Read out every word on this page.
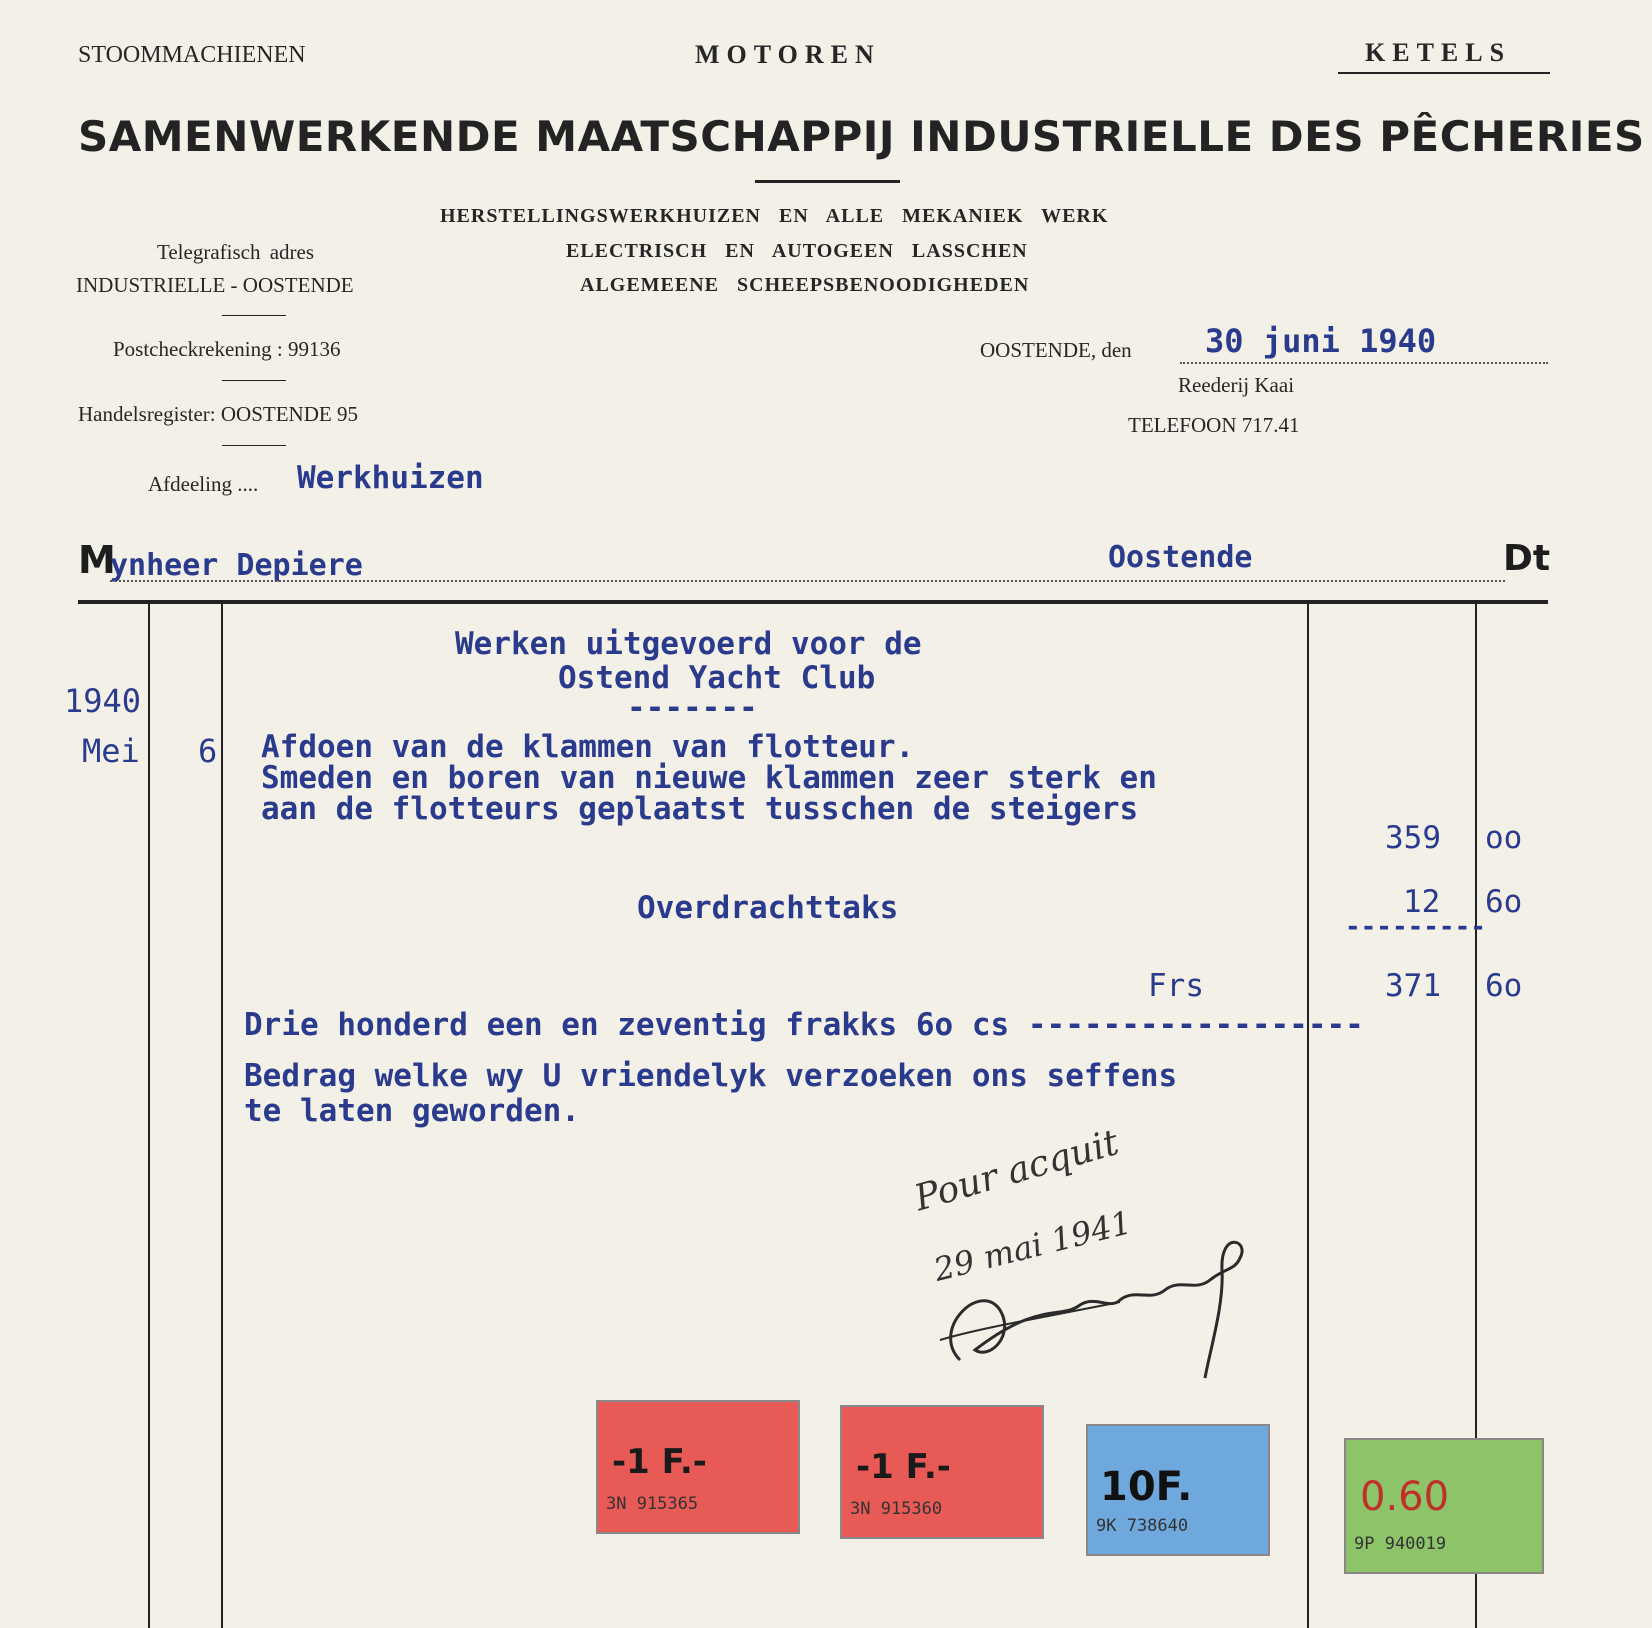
STOOMMACHIENEN	MOTOREN	KETELS
SAMENWERKENDE MAATSCHAPPIJ INDUSTRIELLE DES PÊCHERIES
HERSTELLINGSWERKHUIZEN   EN   ALLE   MEKANIEK   WERK
ELECTRISCH   EN   AUTOGEEN   LASSCHEN
ALGEMEENE   SCHEEPSBENOODIGHEDEN
Telegrafisch adres
INDUSTRIELLE - OOSTENDE
Postcheckrekening : 99136
Handelsregister: OOSTENDE 95
Afdeeling .... Werkhuizen
OOSTENDE, den 30 juni 1940
Reederij Kaai
TELEFOON 717.41
M
ynheer Depiere	Oostende	Dt
Werken uitgevoerd voor de
Ostend Yacht Club
-------
1940
Mei 6 Afdoen van de klammen van flotteur.
Smeden en boren van nieuwe klammen zeer sterk en
aan de flotteurs geplaatst tusschen de steigers
359 oo
Overdrachttaks	12 6o
---------
Frs	371 6o
Drie honderd een en zeventig frakks 6o cs ------------------
Bedrag welke wy U vriendelyk verzoeken ons seffens
te laten geworden.
Pour acquit
29 mai 1941
-1 F.-
3N 915365
-1 F.-
3N 915360	10F.
9K 738640
0.60
9P 940019
